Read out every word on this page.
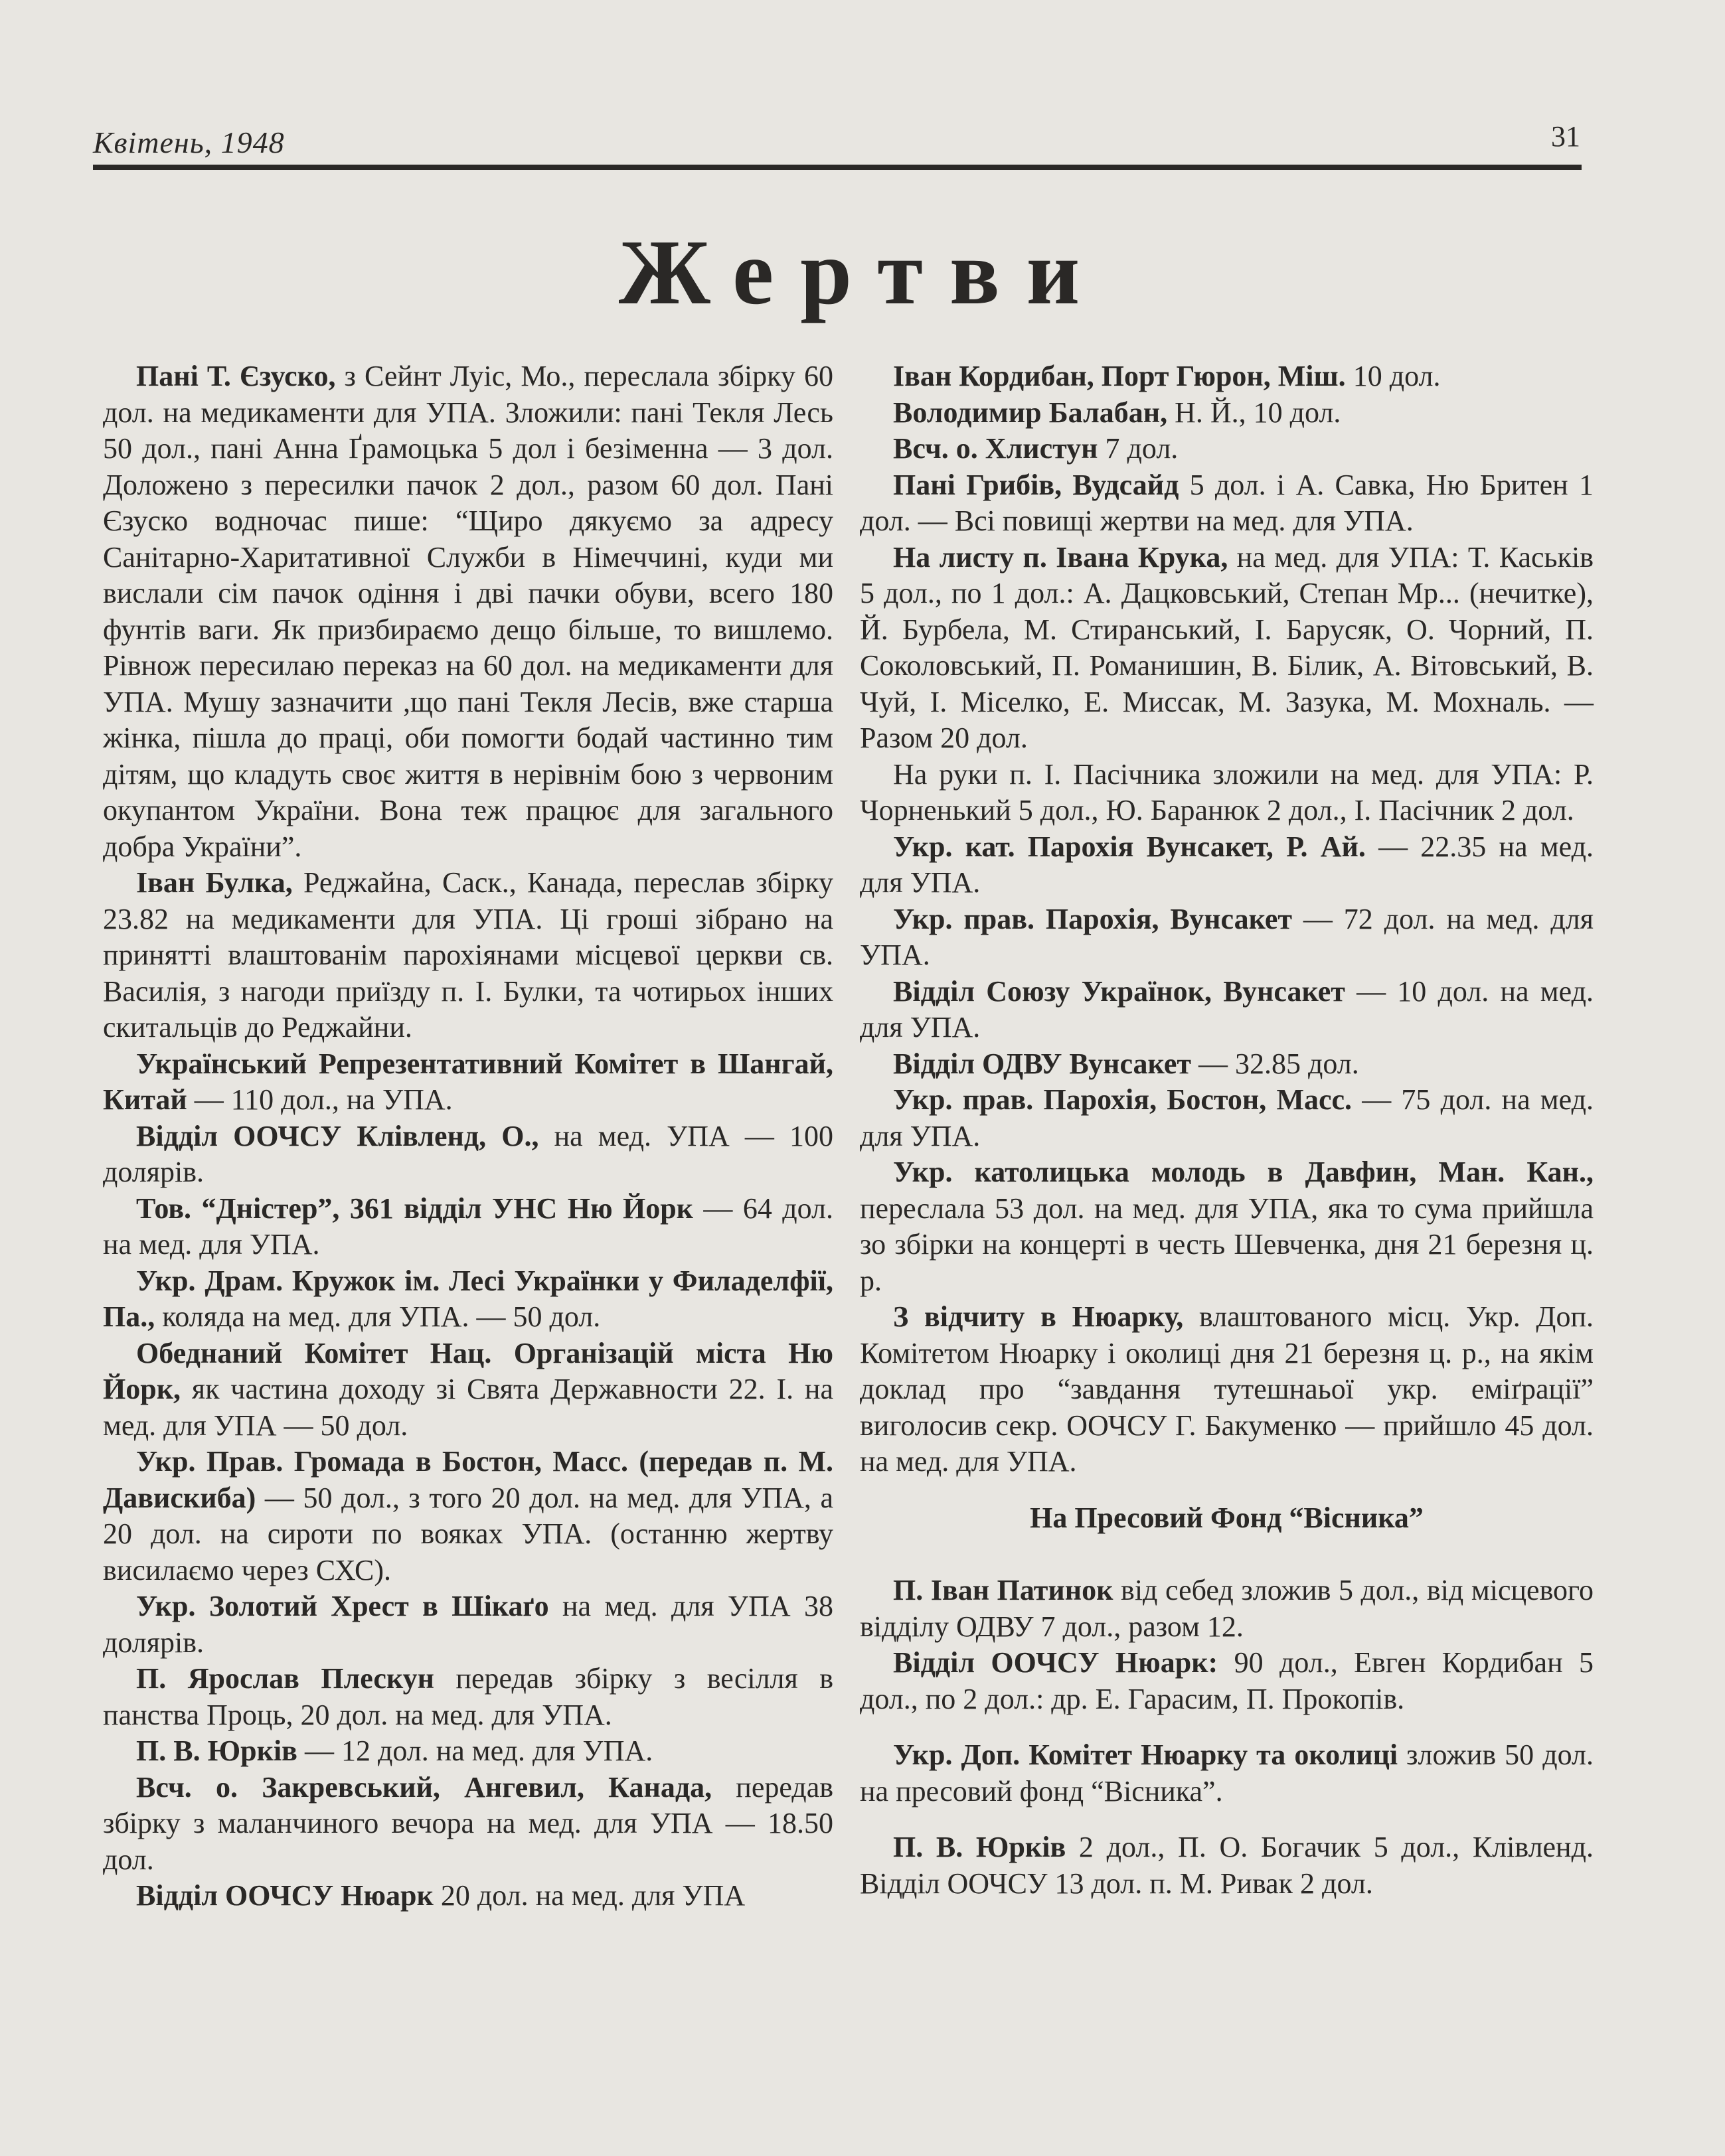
Квітень, 1948	31
Жертви

Пані Т. Єзуско, з Сейнт Луіс, Мо., переслала збірку 60 дол. на медикаменти для УПА. Зложили: пані Текля Лесь 50 дол., пані Анна Ґрамоцька 5 дол і безіменна — 3 дол. Доложено з пересилки пачок 2 дол., разом 60 дол. Пані Єзуско водночас пише: “Щиро дякуємо за адресу Санітарно-Харитативної Служби в Німеччині, куди ми вислали сім пачок одіння і дві пачки обуви, всего 180 фунтів ваги. Як призбираємо дещо більше, то вишлемо. Рівнож пересилаю переказ на 60 дол. на медикаменти для УПА. Мушу зазначити ,що пані Текля Лесів, вже старша жінка, пішла до праці, оби помогти бодай частинно тим дітям, що кладуть своє життя в нерівнім бою з червоним окупантом України. Вона теж працює для загального добра України”.

Іван Булка, Реджайна, Саск., Канада, переслав збірку 23.82 на медикаменти для УПА. Ці гроші зібрано на принятті влаштованім парохіянами місцевої церкви св. Василія, з нагоди приїзду п. І. Булки, та чотирьох інших скитальців до Реджайни.

Український Репрезентативний Комітет в Шангай, Китай — 110 дол., на УПА.

Відділ ООЧСУ Клівленд, О., на мед. УПА — 100 долярів.

Тов. “Дністер”, 361 відділ УНС Ню Йорк — 64 дол. на мед. для УПА.

Укр. Драм. Кружок ім. Лесі Українки у Филаделфії, Па., коляда на мед. для УПА. — 50 дол.

Обеднаний Комітет Нац. Організацій міста Ню Йорк, як частина доходу зі Свята Державности 22. І. на мед. для УПА — 50 дол.

Укр. Прав. Громада в Бостон, Масс. (передав п. М. Давискиба) — 50 дол., з того 20 дол. на мед. для УПА, а 20 дол. на сироти по вояках УПА. (останню жертву висилаємо через СХС).

Укр. Золотий Хрест в Шікаґо на мед. для УПА 38 долярів.

П. Ярослав Плескун передав збірку з весілля в панства Проць, 20 дол. на мед. для УПА.

П. В. Юрків — 12 дол. на мед. для УПА.

Всч. о. Закревський, Ангевил, Канада, передав збірку з маланчиного вечора на мед. для УПА — 18.50 дол.

Відділ ООЧСУ Нюарк 20 дол. на мед. для УПА

Іван Кордибан, Порт Гюрон, Міш. 10 дол.

Володимир Балабан, Н. Й., 10 дол.

Всч. о. Хлистун 7 дол.

Пані Грибів, Вудсайд 5 дол. і А. Савка, Ню Бритен 1 дол. — Всі повищі жертви на мед. для УПА.

На листу п. Івана Крука, на мед. для УПА: Т. Каськів 5 дол., по 1 дол.: А. Дацковський, Степан Мр... (нечитке), Й. Бурбела, М. Стиранський, І. Барусяк, О. Чорний, П. Соколовський, П. Романишин, В. Білик, А. Вітовський, В. Чуй, І. Міселко, Е. Миссак, М. Зазука, М. Мохналь. — Разом 20 дол.

На руки п. І. Пасічника зложили на мед. для УПА: Р. Чорненький 5 дол., Ю. Баранюк 2 дол., І. Пасічник 2 дол.

Укр. кат. Парохія Вунсакет, Р. Ай. — 22.35 на мед. для УПА.

Укр. прав. Парохія, Вунсакет — 72 дол. на мед. для УПА.

Відділ Союзу Українок, Вунсакет — 10 дол. на мед. для УПА.

Відділ ОДВУ Вунсакет — 32.85 дол.

Укр. прав. Парохія, Бостон, Масс. — 75 дол. на мед. для УПА.

Укр. католицька молодь в Давфин, Ман. Кан., переслала 53 дол. на мед. для УПА, яка то сума прийшла зо збірки на концерті в честь Шевченка, дня 21 березня ц. р.

З відчиту в Нюарку, влаштованого місц. Укр. Доп. Комітетом Нюарку і околиці дня 21 березня ц. р., на якім доклад про “завдання тутешнаьої укр. еміґрації” виголосив секр. ООЧСУ Г. Бакуменко — прийшло 45 дол. на мед. для УПА.

На Пресовий Фонд “Вісника”

П. Іван Патинок від себед зложив 5 дол., від місцевого відділу ОДВУ 7 дол., разом 12.

Відділ ООЧСУ Нюарк: 90 дол., Евген Кордибан 5 дол., по 2 дол.: др. Е. Гарасим, П. Прокопів.

Укр. Доп. Комітет Нюарку та околиці зложив 50 дол. на пресовий фонд “Вісника”.

П. В. Юрків 2 дол., П. О. Богачик 5 дол., Клівленд. Відділ ООЧСУ 13 дол. п. М. Ривак 2 дол.
